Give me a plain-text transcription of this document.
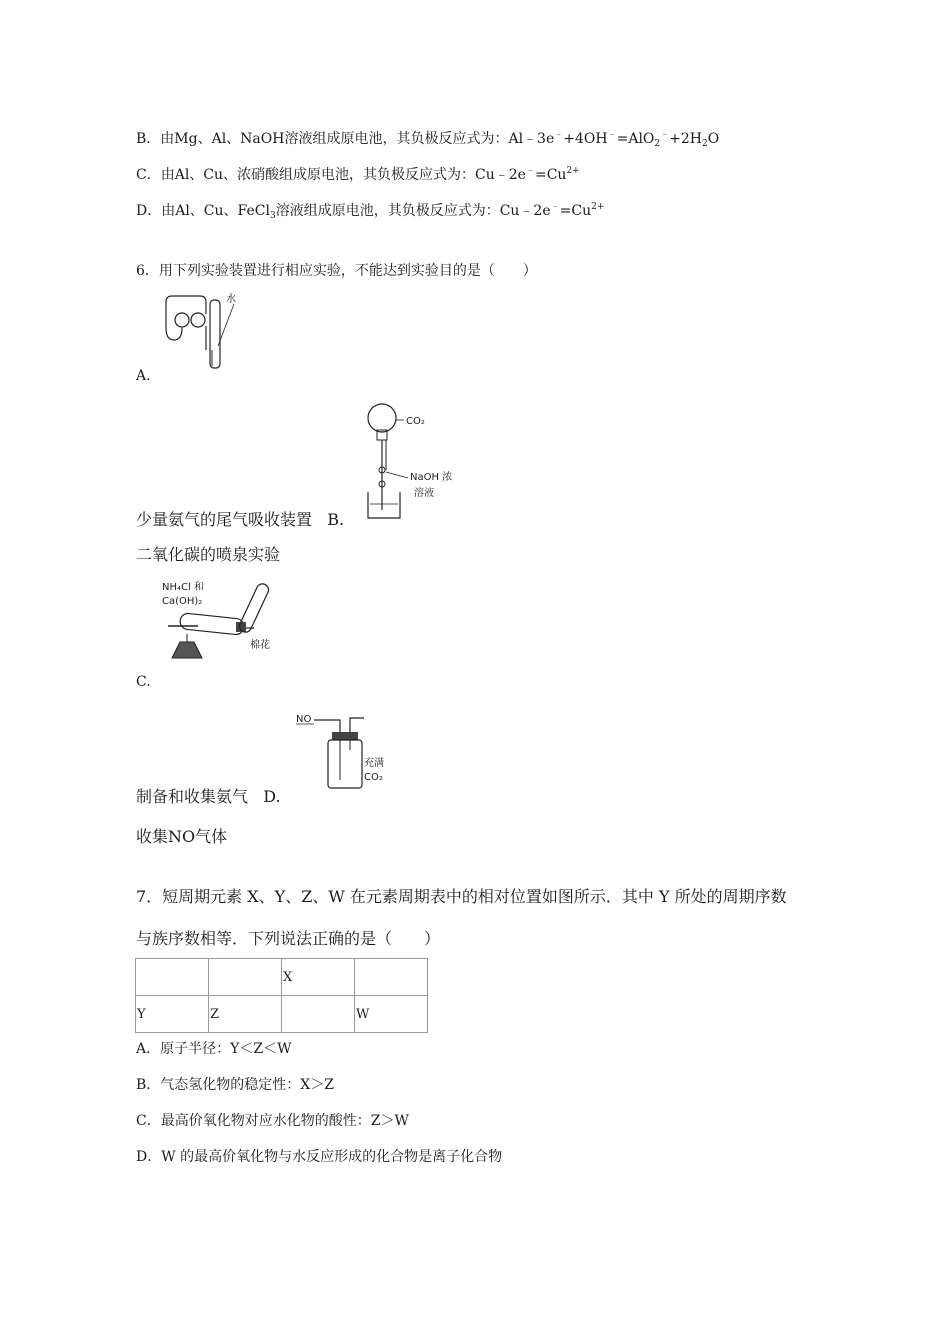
B．由Mg、Al、NaOH溶液组成原电池，其负极反应式为：$Al﹣3e^﹣+4OH^﹣=AlO_2^﹣+2H_2O$
C．由Al、Cu、浓硝酸组成原电池，其负极反应式为：$Cu﹣2e^﹣=Cu^{2+}$
D．由Al、Cu、FeCl$_3$溶液组成原电池，其负极反应式为：$Cu﹣2e^﹣=Cu^{2+}$
6．用下列实验装置进行相应实验，不能达到实验目的是（　　）
水
A.
CO₂
NaOH 浓
溶液
少量氨气的尾气吸收装置 B.
二氧化碳的喷泉实验
NH₄Cl 和
Ca(OH)₂
棉花
C.
NO
充满
CO₂
制备和收集氨气 D.
收集NO气体
7．短周期元素 X、Y、Z、W 在元素周期表中的相对位置如图所示．其中 Y 所处的周期序数
与族序数相等．下列说法正确的是（　　）
		X	
Y	Z		W
A．原子半径：Y＜Z＜W
B．气态氢化物的稳定性：X＞Z
C．最高价氧化物对应水化物的酸性：Z＞W
D．W 的最高价氧化物与水反应形成的化合物是离子化合物
